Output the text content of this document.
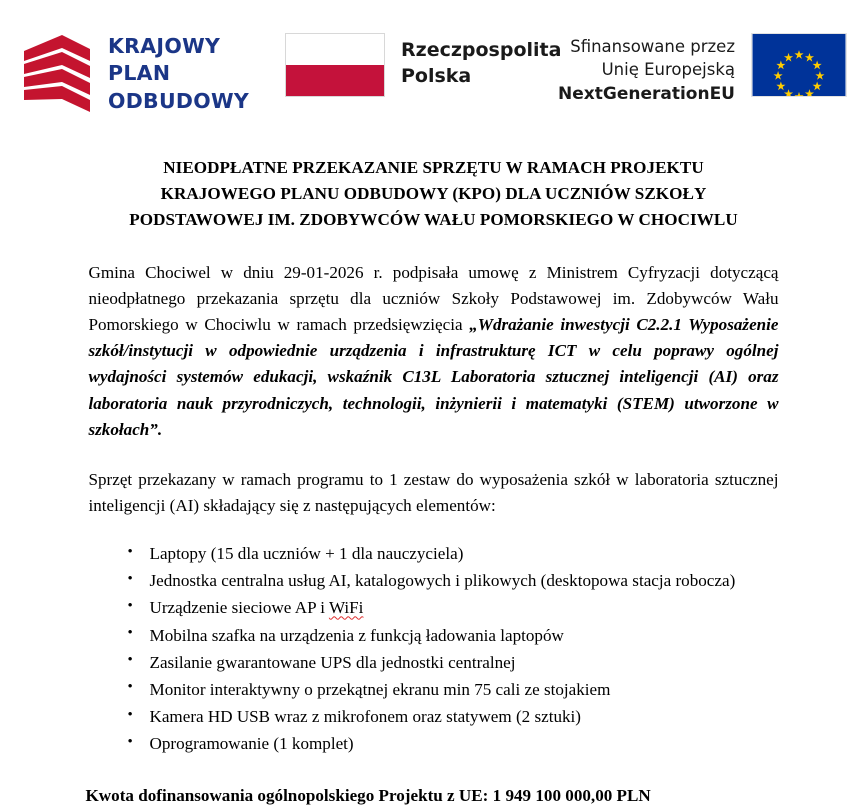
KRAJOWY
PLAN
ODBUDOWY
Rzeczpospolita
Polska
Sfinansowane przez
Unię Europejską
NextGenerationEU
NIEODPŁATNE PRZEKAZANIE SPRZĘTU W RAMACH PROJEKTU
KRAJOWEGO PLANU ODBUDOWY (KPO) DLA UCZNIÓW SZKOŁY
PODSTAWOWEJ IM. ZDOBYWCÓW WAŁU POMORSKIEGO W CHOCIWLU

Gmina Chociwel w dniu 29-01-2026 r. podpisała umowę z Ministrem Cyfryzacji dotyczącą nieodpłatnego przekazania sprzętu dla uczniów Szkoły Podstawowej im. Zdobywców Wału Pomorskiego w Chociwlu w ramach przedsięwzięcia „Wdrażanie inwestycji C2.2.1 Wyposażenie szkół/instytucji w odpowiednie urządzenia i infrastrukturę ICT w celu poprawy ogólnej wydajności systemów edukacji, wskaźnik C13L Laboratoria sztucznej inteligencji (AI) oraz laboratoria nauk przyrodniczych, technologii, inżynierii i matematyki (STEM) utworzone w szkołach”.

Sprzęt przekazany w ramach programu to 1 zestaw do wyposażenia szkół w laboratoria sztucznej inteligencji (AI) składający się z następujących elementów:

• Laptopy (15 dla uczniów + 1 dla nauczyciela)
• Jednostka centralna usług AI, katalogowych i plikowych (desktopowa stacja robocza)
• Urządzenie sieciowe AP i WiFi
• Mobilna szafka na urządzenia z funkcją ładowania laptopów
• Zasilanie gwarantowane UPS dla jednostki centralnej
• Monitor interaktywny o przekątnej ekranu min 75 cali ze stojakiem
• Kamera HD USB wraz z mikrofonem oraz statywem (2 sztuki)
• Oprogramowanie (1 komplet)
Kwota dofinansowania ogólnopolskiego Projektu z UE: 1 949 100 000,00 PLN
